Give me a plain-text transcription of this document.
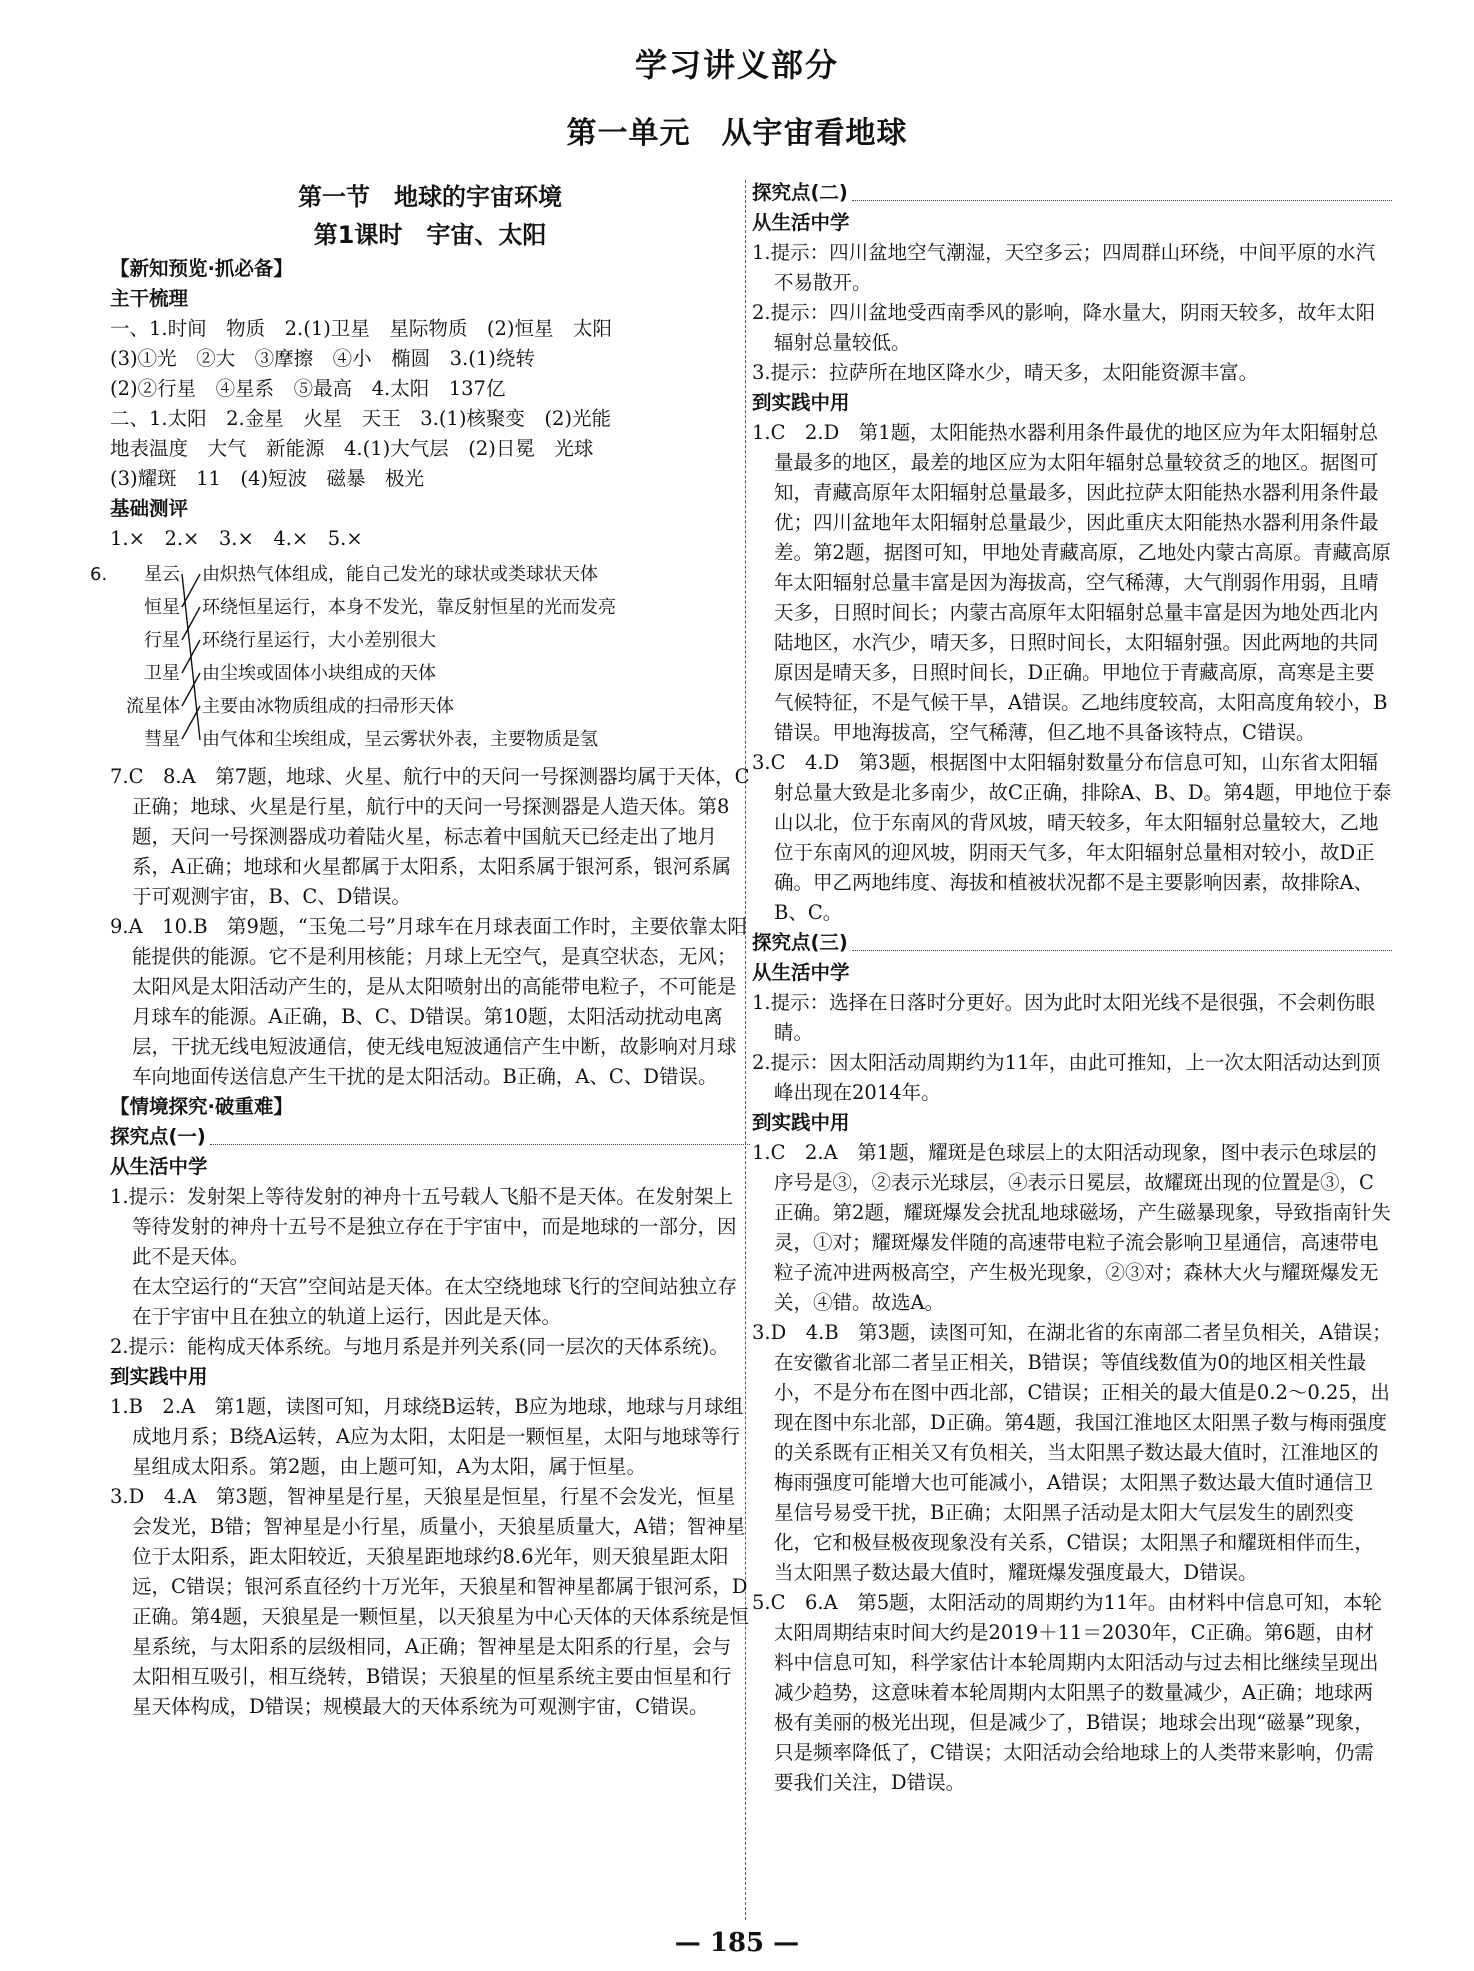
学习讲义部分
第一单元　从宇宙看地球

第一节　地球的宇宙环境

第1课时　宇宙、太阳

【新知预览·抓必备】

主干梳理

一、1.时间　物质　2.(1)卫星　星际物质　(2)恒星　太阳

(3)①光　②大　③摩擦　④小　椭圆　3.(1)绕转

(2)②行星　④星系　⑤最高　4.太阳　137亿

二、1.太阳　2.金星　火星　天王　3.(1)核聚变　(2)光能

地表温度　大气　新能源　4.(1)大气层　(2)日冕　光球

(3)耀斑　11　(4)短波　磁暴　极光

基础测评

1.×　2.×　3.×　4.×　5.×

6.	星云
恒星
行星
卫星
流星体
彗星
由炽热气体组成，能自己发光的球状或类球状天体
环绕恒星运行，本身不发光，靠反射恒星的光而发亮
环绕行星运行，大小差别很大
由尘埃或固体小块组成的天体
主要由冰物质组成的扫帚形天体
由气体和尘埃组成，呈云雾状外表，主要物质是氢

7.C　8.A　第7题，地球、火星、航行中的天问一号探测器均属于天体，C正确；地球、火星是行星，航行中的天问一号探测器是人造天体。第8题，天问一号探测器成功着陆火星，标志着中国航天已经走出了地月系，A正确；地球和火星都属于太阳系，太阳系属于银河系，银河系属于可观测宇宙，B、C、D错误。

9.A　10.B　第9题，“玉兔二号”月球车在月球表面工作时，主要依靠太阳能提供的能源。它不是利用核能；月球上无空气，是真空状态，无风；太阳风是太阳活动产生的，是从太阳喷射出的高能带电粒子，不可能是月球车的能源。A正确，B、C、D错误。第10题，太阳活动扰动电离层，干扰无线电短波通信，使无线电短波通信产生中断，故影响对月球车向地面传送信息产生干扰的是太阳活动。B正确，A、C、D错误。

【情境探究·破重难】

探究点(一)

从生活中学

1.提示：发射架上等待发射的神舟十五号载人飞船不是天体。在发射架上等待发射的神舟十五号不是独立存在于宇宙中，而是地球的一部分，因此不是天体。

在太空运行的“天宫”空间站是天体。在太空绕地球飞行的空间站独立存在于宇宙中且在独立的轨道上运行，因此是天体。

2.提示：能构成天体系统。与地月系是并列关系(同一层次的天体系统)。

到实践中用

1.B　2.A　第1题，读图可知，月球绕B运转，B应为地球，地球与月球组成地月系；B绕A运转，A应为太阳，太阳是一颗恒星，太阳与地球等行星组成太阳系。第2题，由上题可知，A为太阳，属于恒星。

3.D　4.A　第3题，智神星是行星，天狼星是恒星，行星不会发光，恒星会发光，B错；智神星是小行星，质量小，天狼星质量大，A错；智神星位于太阳系，距太阳较近，天狼星距地球约8.6光年，则天狼星距太阳远，C错误；银河系直径约十万光年，天狼星和智神星都属于银河系，D正确。第4题，天狼星是一颗恒星，以天狼星为中心天体的天体系统是恒星系统，与太阳系的层级相同，A正确；智神星是太阳系的行星，会与太阳相互吸引，相互绕转，B错误；天狼星的恒星系统主要由恒星和行星天体构成，D错误；规模最大的天体系统为可观测宇宙，C错误。

探究点(二)

从生活中学

1.提示：四川盆地空气潮湿，天空多云；四周群山环绕，中间平原的水汽不易散开。

2.提示：四川盆地受西南季风的影响，降水量大，阴雨天较多，故年太阳辐射总量较低。

3.提示：拉萨所在地区降水少，晴天多，太阳能资源丰富。

到实践中用

1.C　2.D　第1题，太阳能热水器利用条件最优的地区应为年太阳辐射总量最多的地区，最差的地区应为太阳年辐射总量较贫乏的地区。据图可知，青藏高原年太阳辐射总量最多，因此拉萨太阳能热水器利用条件最优；四川盆地年太阳辐射总量最少，因此重庆太阳能热水器利用条件最差。第2题，据图可知，甲地处青藏高原，乙地处内蒙古高原。青藏高原年太阳辐射总量丰富是因为海拔高，空气稀薄，大气削弱作用弱，且晴天多，日照时间长；内蒙古高原年太阳辐射总量丰富是因为地处西北内陆地区，水汽少，晴天多，日照时间长，太阳辐射强。因此两地的共同原因是晴天多，日照时间长，D正确。甲地位于青藏高原，高寒是主要气候特征，不是气候干旱，A错误。乙地纬度较高，太阳高度角较小，B错误。甲地海拔高，空气稀薄，但乙地不具备该特点，C错误。

3.C　4.D　第3题，根据图中太阳辐射数量分布信息可知，山东省太阳辐射总量大致是北多南少，故C正确，排除A、B、D。第4题，甲地位于泰山以北，位于东南风的背风坡，晴天较多，年太阳辐射总量较大，乙地位于东南风的迎风坡，阴雨天气多，年太阳辐射总量相对较小，故D正确。甲乙两地纬度、海拔和植被状况都不是主要影响因素，故排除A、B、C。

探究点(三)

从生活中学

1.提示：选择在日落时分更好。因为此时太阳光线不是很强，不会刺伤眼睛。

2.提示：因太阳活动周期约为11年，由此可推知，上一次太阳活动达到顶峰出现在2014年。

到实践中用

1.C　2.A　第1题，耀斑是色球层上的太阳活动现象，图中表示色球层的序号是③，②表示光球层，④表示日冕层，故耀斑出现的位置是③，C正确。第2题，耀斑爆发会扰乱地球磁场，产生磁暴现象，导致指南针失灵，①对；耀斑爆发伴随的高速带电粒子流会影响卫星通信，高速带电粒子流冲进两极高空，产生极光现象，②③对；森林大火与耀斑爆发无关，④错。故选A。

3.D　4.B　第3题，读图可知，在湖北省的东南部二者呈负相关，A错误；在安徽省北部二者呈正相关，B错误；等值线数值为0的地区相关性最小，不是分布在图中西北部，C错误；正相关的最大值是0.2～0.25，出现在图中东北部，D正确。第4题，我国江淮地区太阳黑子数与梅雨强度的关系既有正相关又有负相关，当太阳黑子数达最大值时，江淮地区的梅雨强度可能增大也可能减小，A错误；太阳黑子数达最大值时通信卫星信号易受干扰，B正确；太阳黑子活动是太阳大气层发生的剧烈变化，它和极昼极夜现象没有关系，C错误；太阳黑子和耀斑相伴而生，当太阳黑子数达最大值时，耀斑爆发强度最大，D错误。

5.C　6.A　第5题，太阳活动的周期约为11年。由材料中信息可知，本轮太阳周期结束时间大约是2019＋11＝2030年，C正确。第6题，由材料中信息可知，科学家估计本轮周期内太阳活动与过去相比继续呈现出减少趋势，这意味着本轮周期内太阳黑子的数量减少，A正确；地球两极有美丽的极光出现，但是减少了，B错误；地球会出现“磁暴”现象，只是频率降低了，C错误；太阳活动会给地球上的人类带来影响，仍需要我们关注，D错误。

— 185 —
